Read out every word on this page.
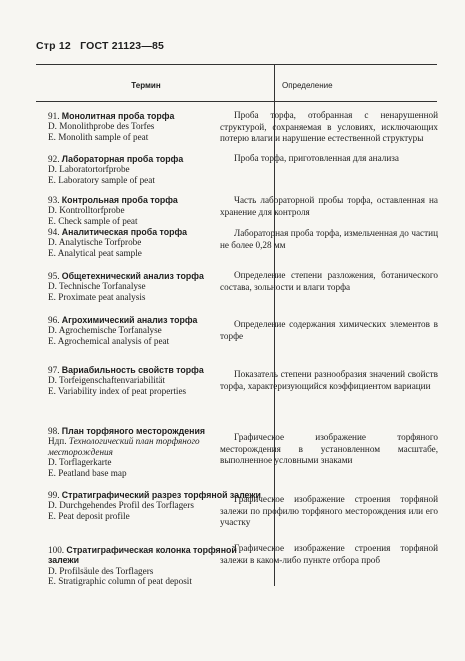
Стр 12 ГОСТ 21123—85
Термин	Определение
91. Монолитная проба торфа
D. Monolithprobe des Torfes
E. Monolith sample of peat
Проба торфа, отобранная с ненарушенной структурой, сохраняемая в условиях, исключающих потерю влаги и нарушение естественной структуры
92. Лабораторная проба торфа
D. Laboratortorfprobe
E. Laboratory sample of peat
Проба торфа, приготовленная для анализа
93. Контрольная проба торфа
D. Kontrolltorfprobe
E. Check sample of peat
Часть лабораторной пробы торфа, оставленная на хранение для контроля
94. Аналитическая проба торфа
D. Analytische Torfprobe
E. Analytical peat sample
Лабораторная проба торфа, измельченная до частиц не более 0,28 мм
95. Общетехнический анализ торфа
D. Technische Torfanalyse
E. Proximate peat analysis
Определение степени разложения, ботанического состава, зольности и влаги торфа
96. Агрохимический анализ торфа
D. Agrochemische Torfanalyse
E. Agrochemical analysis of peat
Определение содержания химических элементов в торфе
97. Вариабильность свойств торфа
D. Torfeigenschaftenvariabilität
E. Variability index of peat properties
Показатель степени разнообразия значений свойств торфа, характеризующийся коэффициентом вариации
98. План торфяного месторождения
Ндп. Технологический план торфяного месторождения
D. Torflagerkarte
E. Peatland base map
Графическое изображение торфяного месторождения в установленном масштабе, выполненное условными знаками
99. Стратиграфический разрез торфяной залежи
D. Durchgehendes Profil des Torflagers
E. Peat deposit profile
Графическое изображение строения торфяной залежи по профилю торфяного месторождения или его участку
100. Стратиграфическая колонка торфяной залежи
D. Profilsäule des Torflagers
E. Stratigraphic column of peat deposit
Графическое изображение строения торфяной залежи в каком-либо пункте отбора проб
